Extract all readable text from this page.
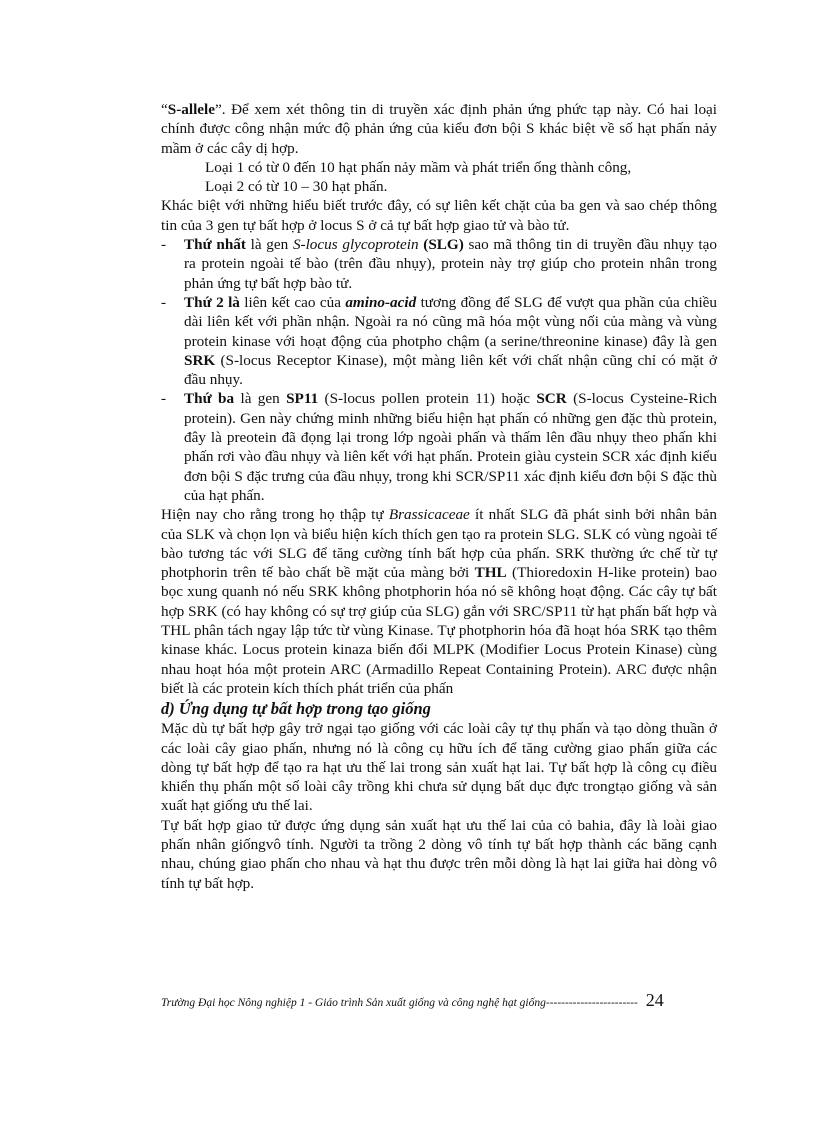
“S-allele”. Để xem xét thông tin di truyền xác định phản ứng phức tạp này. Có hai loại chính được công nhận mức độ phản ứng của kiểu đơn bội S khác biệt về số hạt phấn nảy mầm ở các cây dị hợp.

Loại 1 có từ 0 đến 10 hạt phấn nảy mầm và phát triển ống thành công,

Loại 2 có từ 10 – 30 hạt phấn.

Khác biệt với những hiểu biết trước đây, có sự liên kết chặt của ba gen và sao chép thông tin của 3 gen tự bất hợp ở locus S ở cả tự bất hợp giao tử và bào tử.

- Thứ nhất là gen S-locus glycoprotein (SLG) sao mã thông tin di truyền đầu nhụy tạo ra protein ngoài tế bào (trên đầu nhụy), protein này trợ giúp cho protein nhân trong phản ứng tự bất hợp bào tử.

- Thứ 2 là liên kết cao của amino-acid tương đồng để SLG để vượt qua phần của chiều dài liên kết với phần nhận. Ngoài ra nó cũng mã hóa một vùng nối của màng và vùng protein kinase với hoạt động của photpho chậm (a serine/threonine kinase) đây là gen SRK (S-locus Receptor Kinase), một màng liên kết với chất nhận cũng chỉ có mặt ở đầu nhụy.

- Thứ ba là gen SP11 (S-locus pollen protein 11) hoặc SCR (S-locus Cysteine-Rich protein). Gen này chứng minh những biểu hiện hạt phấn có những gen đặc thù protein, đây là preotein đã đọng lại trong lớp ngoài phấn và thấm lên đầu nhụy theo phấn khi phấn rơi vào đầu nhụy và liên kết với hạt phấn. Protein giàu cystein SCR xác định kiểu đơn bội S đặc trưng của đầu nhụy, trong khi SCR/SP11 xác định kiểu đơn bội S đặc thù của hạt phấn.

Hiện nay cho rằng trong họ thập tự Brassicaceae ít nhất SLG đã phát sinh bởi nhân bản của SLK và chọn lọn và biểu hiện kích thích gen tạo ra protein SLG. SLK có vùng ngoài tế bào tương tác với SLG để tăng cường tính bất hợp của phấn. SRK thường ức chế từ tự photphorin trên tế bào chất bề mặt của màng bởi THL (Thioredoxin H-like protein) bao bọc xung quanh nó nếu SRK không photphorin hóa nó sẽ không hoạt động. Các cây tự bất hợp SRK (có hay không có sự trợ giúp của SLG) gắn với SRC/SP11 từ hạt phấn bất hợp và THL phân tách ngay lập tức từ vùng Kinase. Tự photphorin hóa đã hoạt hóa SRK tạo thêm kinase khác. Locus protein kinaza biến đổi MLPK (Modifier Locus Protein Kinase) cùng nhau hoạt hóa một protein ARC (Armadillo Repeat Containing Protein). ARC được nhận biết là các protein kích thích phát triển của phấn

d) Ứng dụng tự bất hợp trong tạo giống

Mặc dù tự bất hợp gây trở ngại tạo giống với các loài cây tự thụ phấn và tạo dòng thuần ở các loài cây giao phấn, nhưng nó là công cụ hữu ích để tăng cường giao phấn giữa các dòng tự bất hợp để tạo ra hạt ưu thế lai trong sản xuất hạt lai. Tự bất hợp là công cụ điều khiển thụ phấn một số loài cây trồng khi chưa sử dụng bất dục đực trongtạo giống và sản xuất hạt giống ưu thế lai.

Tự bất hợp giao tử được ứng dụng sản xuất hạt ưu thế lai của cỏ bahia, đây là loài giao phấn nhân giốngvô tính. Người ta trồng 2 dòng vô tính tự bất hợp thành các băng cạnh nhau, chúng giao phấn cho nhau và hạt thu được trên mỗi dòng là hạt lai giữa hai dòng vô tính tự bất hợp.

Trường Đại học Nông nghiệp 1 - Giáo trình Sản xuất giống và công nghệ hạt giống------------------------ 24
